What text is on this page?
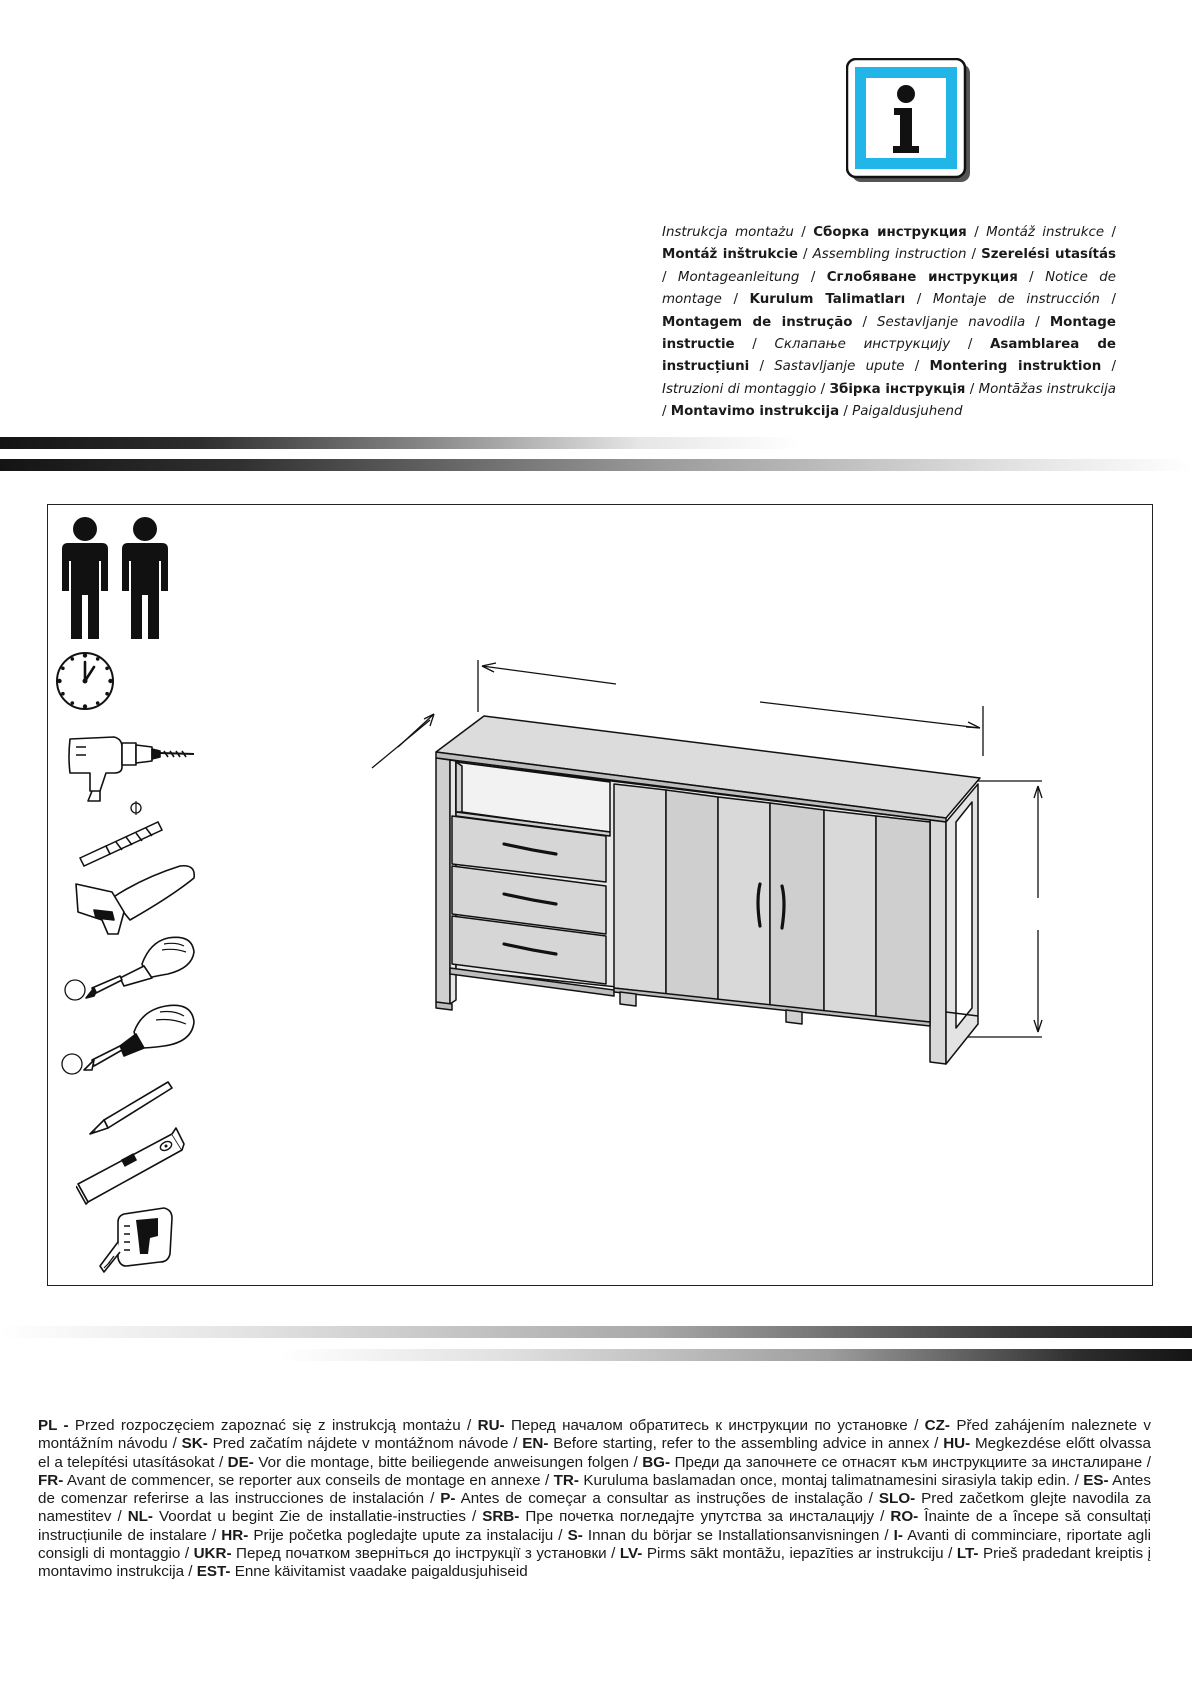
Instrukcja montażu / Сборка инструкция / Montáž instrukce / Montáž inštrukcie / Assembling instruction / Szerelési utasítás / Montageanleitung / Сглобяване инструкция / Notice de montage / Kurulum Talimatları / Montaje de instrucción / Montagem de instrução / Sestavljanje navodila / Montage instructie / Склапање инструкцију / Asamblarea de instrucțiuni / Sastavljanje upute / Montering instruktion / Istruzioni di montaggio / Збірка інструкція / Montāžas instrukcija / Montavimo instrukcija / Paigaldusjuhend
PL - Przed rozpoczęciem zapoznać się z instrukcją montażu / RU- Перед началом обратитесь к инструкции по установке / CZ- Před zahájením naleznete v montážním návodu / SK- Pred začatím nájdete v montážnom návode / EN- Before starting, refer to the assembling advice in annex / HU- Megkezdése előtt olvassa el a telepítési utasításokat / DE- Vor die montage, bitte beiliegende anweisungen folgen / BG- Преди да започнете се отнасят към инструкциите за инсталиране / FR- Avant de commencer, se reporter aux conseils de montage en annexe / TR- Kuruluma baslamadan once, montaj talimatnamesini sirasiyla takip edin. / ES- Antes de comenzar referirse a las instrucciones de instalación / P- Antes de começar a consultar as instruções de instalação / SLO- Pred začetkom glejte navodila za namestitev / NL- Voordat u begint Zie de installatie-instructies / SRB- Пре почетка погледајте упутства за инсталацију / RO- Înainte de a începe să consultați instrucțiunile de instalare / HR- Prije početka pogledajte upute za instalaciju / S- Innan du börjar se Installationsanvisningen / I- Avanti di comminciare, riportate agli consigli di montaggio / UKR- Перед початком зверніться до інструкції з установки / LV- Pirms sākt montāžu, iepazīties ar instrukciju / LT- Prieš pradedant kreiptis į montavimo instrukcija / EST- Enne käivitamist vaadake paigaldusjuhiseid
